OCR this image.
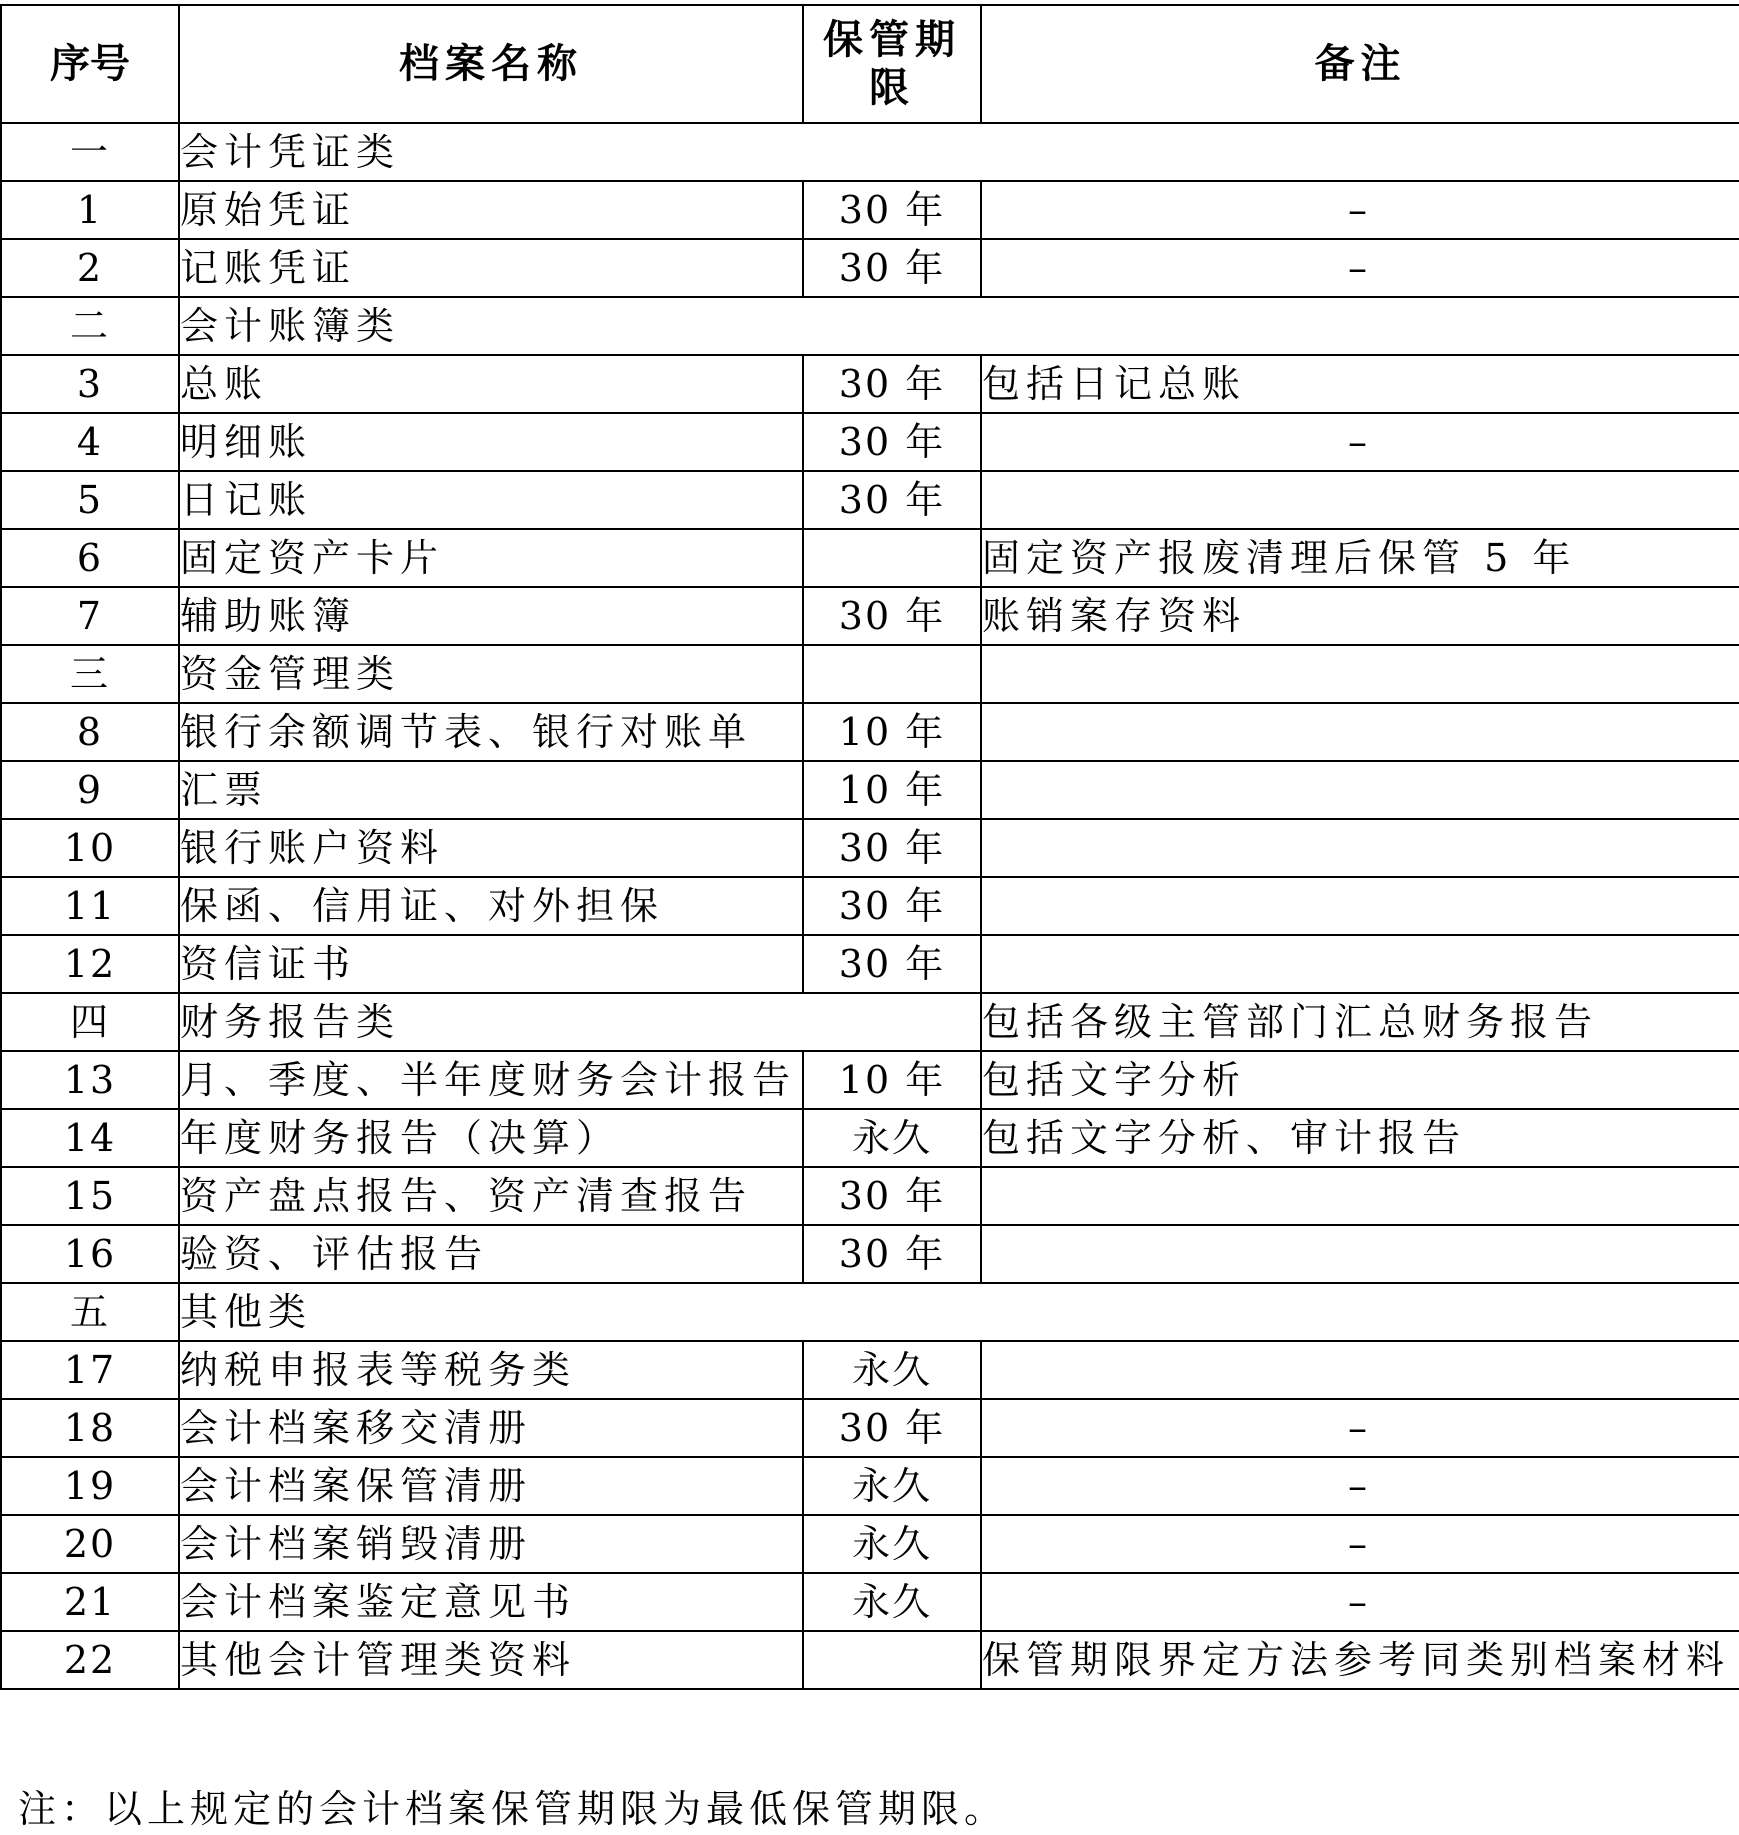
序号	档案名称	保管期限	备注
一	会计凭证类		
1	原始凭证	30 年	–
2	记账凭证	30 年	–
二	会计账簿类		
3	总账	30 年	包括日记总账
4	明细账	30 年	–
5	日记账	30 年	
6	固定资产卡片		固定资产报废清理后保管 5 年
7	辅助账簿	30 年	账销案存资料
三	资金管理类		
8	银行余额调节表、银行对账单	10 年	
9	汇票	10 年	
10	银行账户资料	30 年	
11	保函、信用证、对外担保	30 年	
12	资信证书	30 年	
四	财务报告类		包括各级主管部门汇总财务报告
13	月、季度、半年度财务会计报告	10 年	包括文字分析
14	年度财务报告（决算）	永久	包括文字分析、审计报告
15	资产盘点报告、资产清查报告	30 年	
16	验资、评估报告	30 年	
五	其他类		
17	纳税申报表等税务类	永久	
18	会计档案移交清册	30 年	–
19	会计档案保管清册	永久	–
20	会计档案销毁清册	永久	–
21	会计档案鉴定意见书	永久	–
22	其他会计管理类资料		保管期限界定方法参考同类别档案材料
注：以上规定的会计档案保管期限为最低保管期限。
